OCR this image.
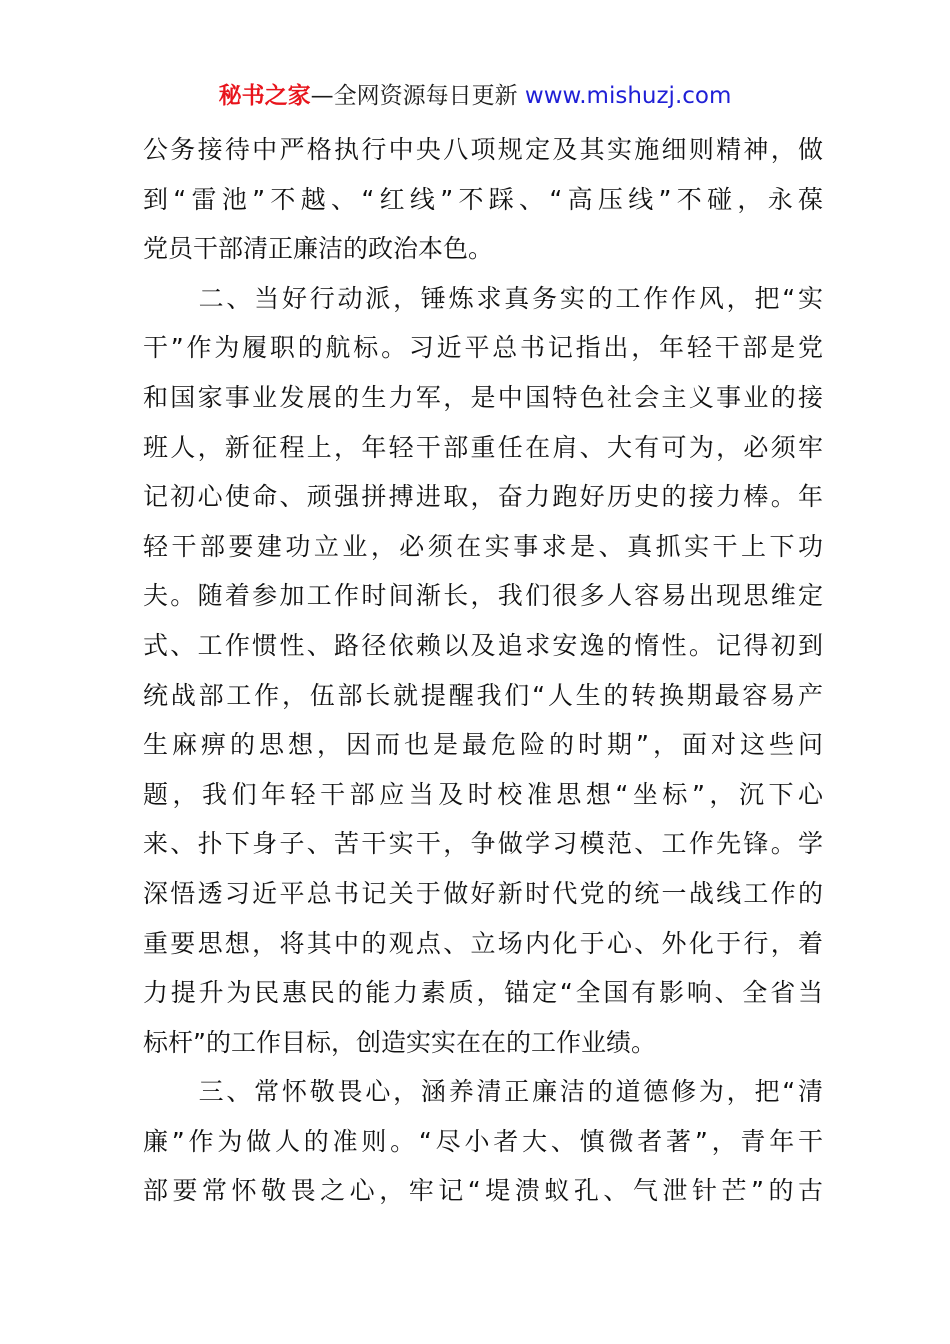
秘书之家—全网资源每日更新 www.mishuzj.com
公务接待中严格执行中央八项规定及其实施细则精神，做
到“雷池”不越、“红线”不踩、“高压线”不碰，永葆
党员干部清正廉洁的政治本色。
　　二、当好行动派，锤炼求真务实的工作作风，把“实
干”作为履职的航标。习近平总书记指出，年轻干部是党
和国家事业发展的生力军，是中国特色社会主义事业的接
班人，新征程上，年轻干部重任在肩、大有可为，必须牢
记初心使命、顽强拼搏进取，奋力跑好历史的接力棒。年
轻干部要建功立业，必须在实事求是、真抓实干上下功
夫。随着参加工作时间渐长，我们很多人容易出现思维定
式、工作惯性、路径依赖以及追求安逸的惰性。记得初到
统战部工作，伍部长就提醒我们“人生的转换期最容易产
生麻痹的思想，因而也是最危险的时期”，面对这些问
题，我们年轻干部应当及时校准思想“坐标”，沉下心
来、扑下身子、苦干实干，争做学习模范、工作先锋。学
深悟透习近平总书记关于做好新时代党的统一战线工作的
重要思想，将其中的观点、立场内化于心、外化于行，着
力提升为民惠民的能力素质，锚定“全国有影响、全省当
标杆”的工作目标，创造实实在在的工作业绩。
　　三、常怀敬畏心，涵养清正廉洁的道德修为，把“清
廉”作为做人的准则。“尽小者大、慎微者著”，青年干
部要常怀敬畏之心，牢记“堤溃蚁孔、气泄针芒”的古
